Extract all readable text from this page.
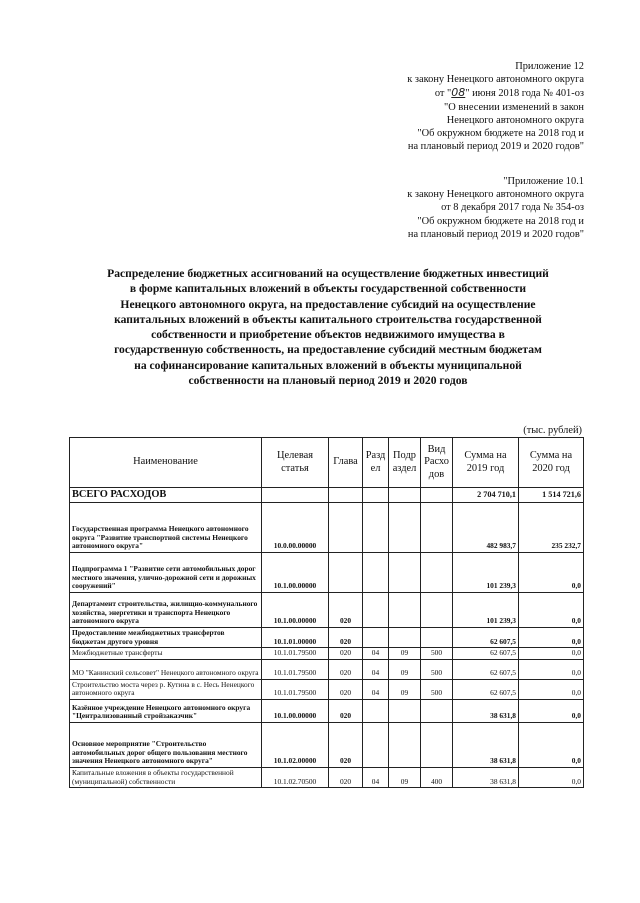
Приложение 12
к закону Ненецкого автономного округа
от "08" июня 2018 года № 401-оз
"О внесении изменений в закон
Ненецкого автономного округа
"Об окружном бюджете на 2018 год и
на плановый период 2019 и 2020 годов"
"Приложение 10.1
к закону Ненецкого автономного округа
от 8 декабря 2017 года № 354-оз
"Об окружном бюджете на 2018 год и
на плановый период 2019 и 2020 годов"
Распределение бюджетных ассигнований на осуществление бюджетных инвестиций
в форме капитальных вложений в объекты государственной собственности
Ненецкого автономного округа, на предоставление субсидий на осуществление
капитальных вложений в объекты капитального строительства государственной
собственности и приобретение объектов недвижимого имущества в
государственную собственность, на предоставление субсидий местным бюджетам
на софинансирование капитальных вложений в объекты муниципальной
собственности на плановый период 2019 и 2020 годов
(тыс. рублей)
Наименование	Целевая статья	Глава	Разд ел	Подр аздел	Вид Расхо дов	Сумма на 2019 год	Сумма на 2020 год
ВСЕГО РАСХОДОВ						2 704 710,1	1 514 721,6
Государственная программа Ненецкого автономного округа "Развитие транспортной системы Ненецкого автономного округа"	10.0.00.00000					482 983,7	235 232,7
Подпрограмма 1 "Развитие сети автомобильных дорог местного значения, улично-дорожной сети и дорожных сооружений"	10.1.00.00000					101 239,3	0,0
Департамент строительства, жилищно-коммунального хозяйства, энергетики и транспорта Ненецкого автономного округа	10.1.00.00000	020				101 239,3	0,0
Предоставление межбюджетных трансфертов бюджетам другого уровня	10.1.01.00000	020				62 607,5	0,0
Межбюджетные трансферты	10.1.01.79500	020	04	09	500	62 607,5	0,0
МО "Канинский сельсовет" Ненецкого автономного округа	10.1.01.79500	020	04	09	500	62 607,5	0,0
Строительство моста через р. Кутина в с. Несь Ненецкого автономного округа	10.1.01.79500	020	04	09	500	62 607,5	0,0
Казённое учреждение Ненецкого автономного округа "Централизованный стройзаказчик"	10.1.00.00000	020				38 631,8	0,0
Основное мероприятие "Строительство автомобильных дорог общего пользования местного значения Ненецкого автономного округа"	10.1.02.00000	020				38 631,8	0,0
Капитальные вложения в объекты государственной (муниципальной) собственности	10.1.02.70500	020	04	09	400	38 631,8	0,0
